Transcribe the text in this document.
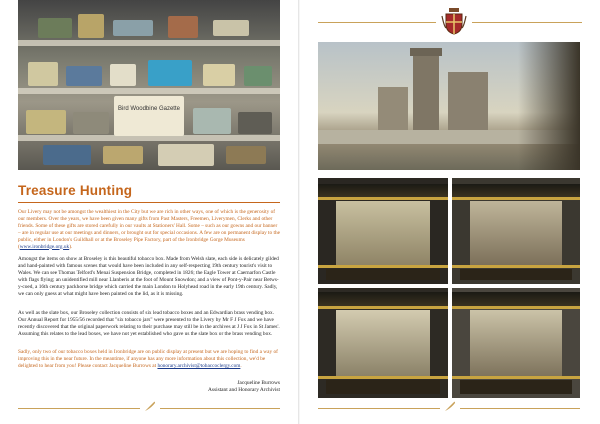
Bird Woodbine Gazette
Treasure Hunting

Our Livery may not be amongst the wealthiest in the City but we are rich in other ways, one of which is the generosity of our members. Over the years, we have been given many gifts from Past Masters, Freemen, Liverymen, Clerks and other friends. Some of these gifts are stored carefully in our vaults at Stationers' Hall. Some – such as our gowns and our banner – are in regular use at our meetings and dinners, or brought out for special occasions. A few are on permanent display to the public, either in London's Guildhall or at the Broseley Pipe Factory, part of the Ironbridge Gorge Museums (www.ironbridge.org.uk).

Amongst the items on show at Broseley is this beautiful tobacco box. Made from Welsh slate, each side is delicately gilded and hand-painted with famous scenes that would have been included in any self-respecting 19th century tourist's visit to Wales. We can see Thomas Telford's Menai Suspension Bridge, completed in 1826; the Eagle Tower at Caernarfon Castle with flags flying; an unidentified mill near Llanberis at the foot of Mount Snowdon; and a view of Pont-y-Pair near Betws-y-coed, a 16th century packhorse bridge which carried the main London to Holyhead road in the early 19th century. Sadly, we can only guess at what might have been painted on the lid, as it is missing.

As well as the slate box, our Broseley collection consists of six lead tobacco boxes and an Edwardian brass vending box. Our Annual Report for 1955/56 recorded that "six tobacco jars" were presented to the Livery by Mr F J Fox and we have recently discovered that the original paperwork relating to their purchase may still be in the archives at J J Fox in St James'. Assuming this relates to the lead boxes, we have not yet established who gave us the slate box or the brass vending box.

Sadly, only two of our tobacco boxes held in Ironbridge are on public display at present but we are hoping to find a way of improving this in the near future. In the meantime, if anyone has any more information about this collection, we'd be delighted to hear from you! Please contact Jacqueline Burrows at honorary.archivist@tobaccoclergy.com.

Jacqueline Burrows
Assistant and Honorary Archivist
